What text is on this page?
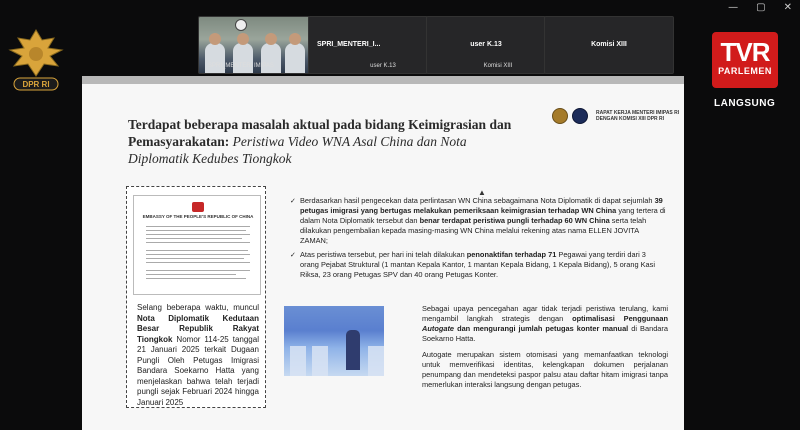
— ▢ ✕
SPRI_MENTERI_I...	user K.13	Komisi XIII
SPRI_MENTERI IMIPAS	user K.13	Komisi XIII
DPR RI
TVR
PARLEMEN
LANGSUNG
Terdapat beberapa masalah aktual pada bidang Keimigrasian dan Pemasyarakatan: Peristiwa Video WNA Asal China dan Nota Diplomatik Kedubes Tiongkok
RAPAT KERJA MENTERI IMIPAS RI DENGAN KOMISI XIII DPR RI
▲
EMBASSY OF THE PEOPLE'S REPUBLIC OF CHINA
Selang beberapa waktu, muncul Nota Diplomatik Kedutaan Besar Republik Rakyat Tiongkok Nomor 114-25 tanggal 21 Januari 2025 terkait Dugaan Pungli Oleh Petugas Imigrasi Bandara Soekarno Hatta yang menjelaskan bahwa telah terjadi pungli sejak Februari 2024 hingga Januari 2025
✓ Berdasarkan hasil pengecekan data perlintasan WN China sebagaimana Nota Diplomatik di dapat sejumlah 39 petugas imigrasi yang bertugas melakukan pemeriksaan keimigrasian terhadap WN China yang tertera di dalam Nota Diplomatik tersebut dan benar terdapat peristiwa pungli terhadap 60 WN China serta telah dilakukan pengembalian kepada masing-masing WN China melalui rekening atas nama ELLEN JOVITA ZAMAN;
✓ Atas peristiwa tersebut, per hari ini telah dilakukan penonaktifan terhadap 71 Pegawai yang terdiri dari 3 orang Pejabat Struktural (1 mantan Kepala Kantor, 1 mantan Kepala Bidang, 1 Kepala Bidang), 5 orang Kasi Riksa, 23 orang Petugas SPV dan 40 orang Petugas Konter.

Sebagai upaya pencegahan agar tidak terjadi peristiwa terulang, kami mengambil langkah strategis dengan optimalisasi Penggunaan Autogate dan mengurangi jumlah petugas konter manual di Bandara Soekarno Hatta.

Autogate merupakan sistem otomisasi yang memanfaatkan teknologi untuk memverifikasi identitas, kelengkapan dokumen perjalanan penumpang dan mendeteksi paspor palsu atau daftar hitam imigrasi tanpa memerlukan interaksi langsung dengan petugas.
